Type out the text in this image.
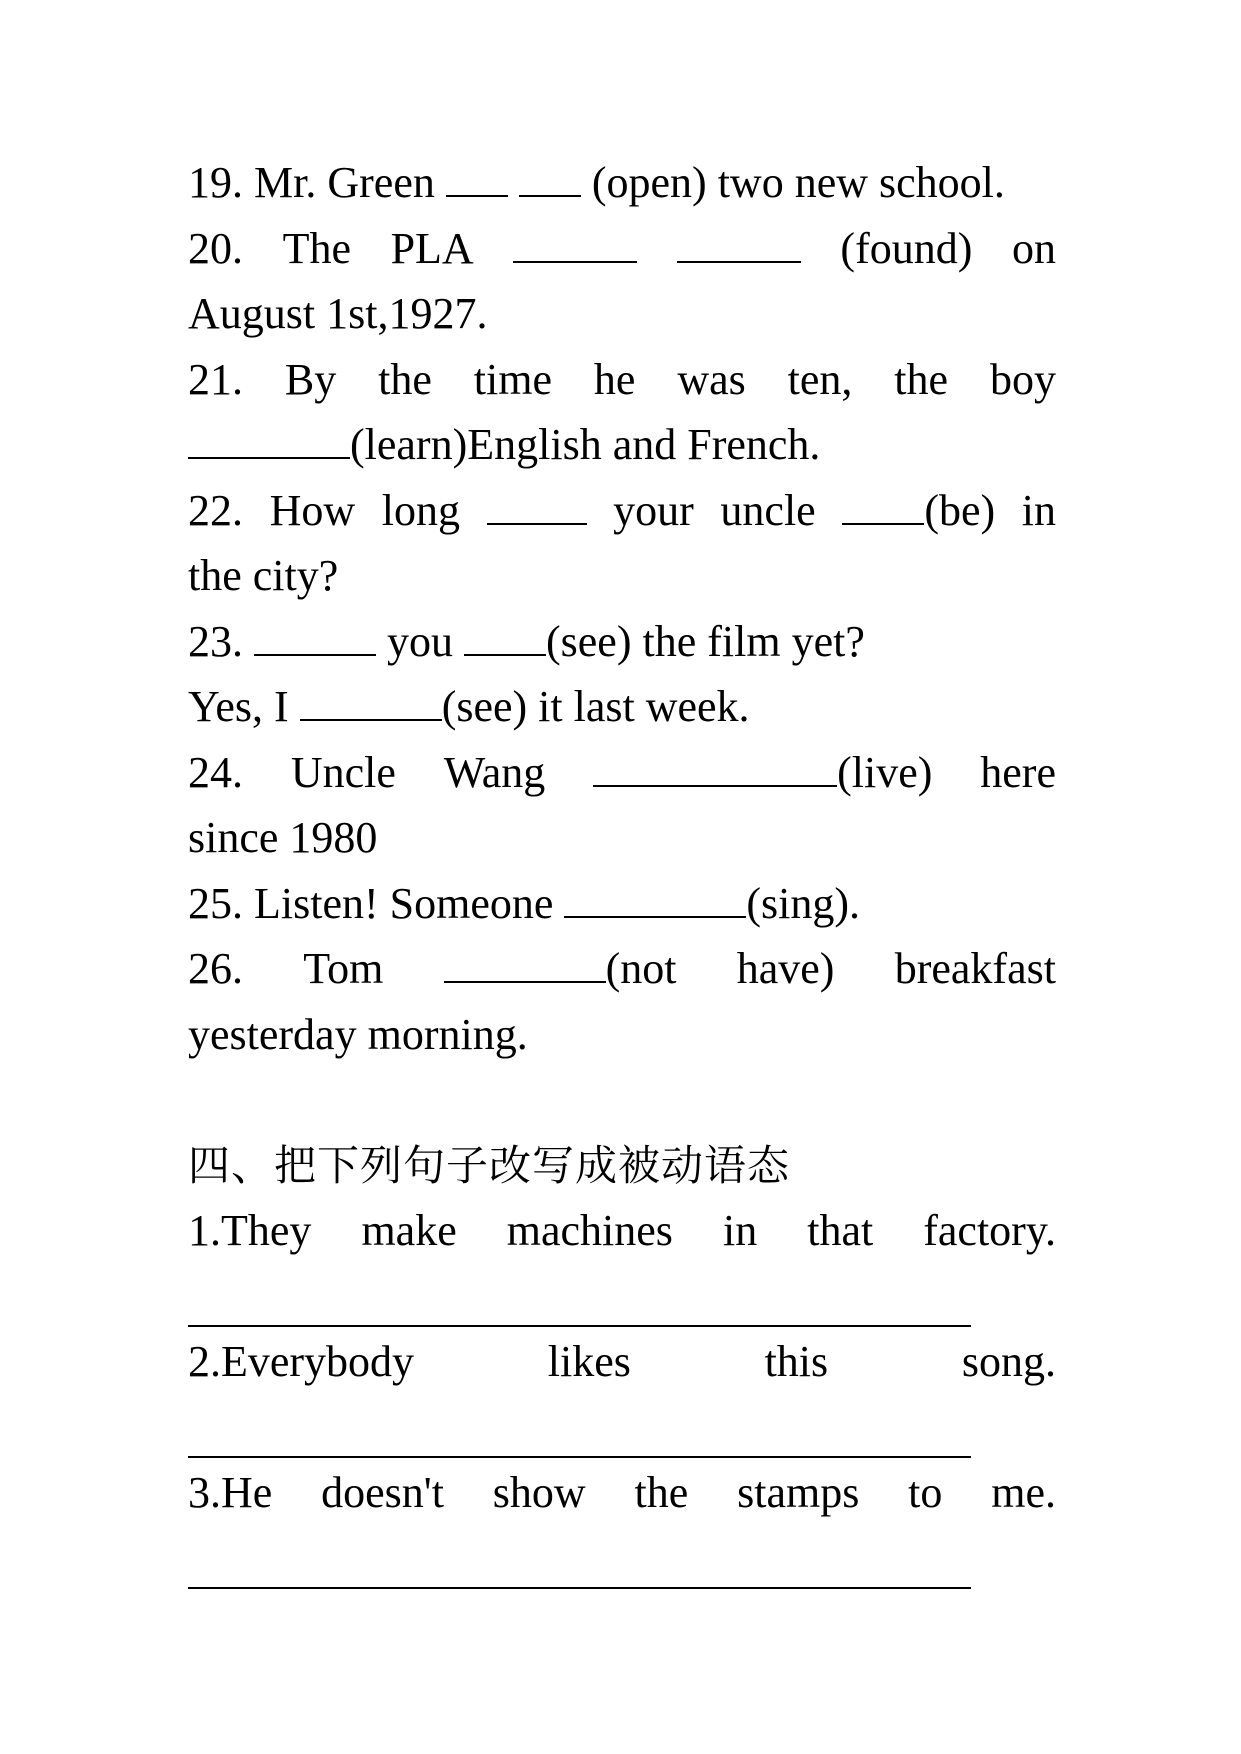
19.
Mr.
Green

	(open)
two
new
school.
20. The PLA	(found) on
August 1st,1927.
21. By the time he was ten, the boy
(learn)English and French.
22. How long	your uncle	(be) in
the city?
23.

	you
(see) the film yet?
Yes, I
	(see) it last week.
24. Uncle Wang	(live) here
since 1980
25.
Listen! Someone
	(sing).
26. Tom	(not have) breakfast
yesterday morning.
四、把下列句子改写成被动语态
1.They make machines in that factory.
2.Everybody	likes	this	song.
3.He doesn't show the stamps to me.
